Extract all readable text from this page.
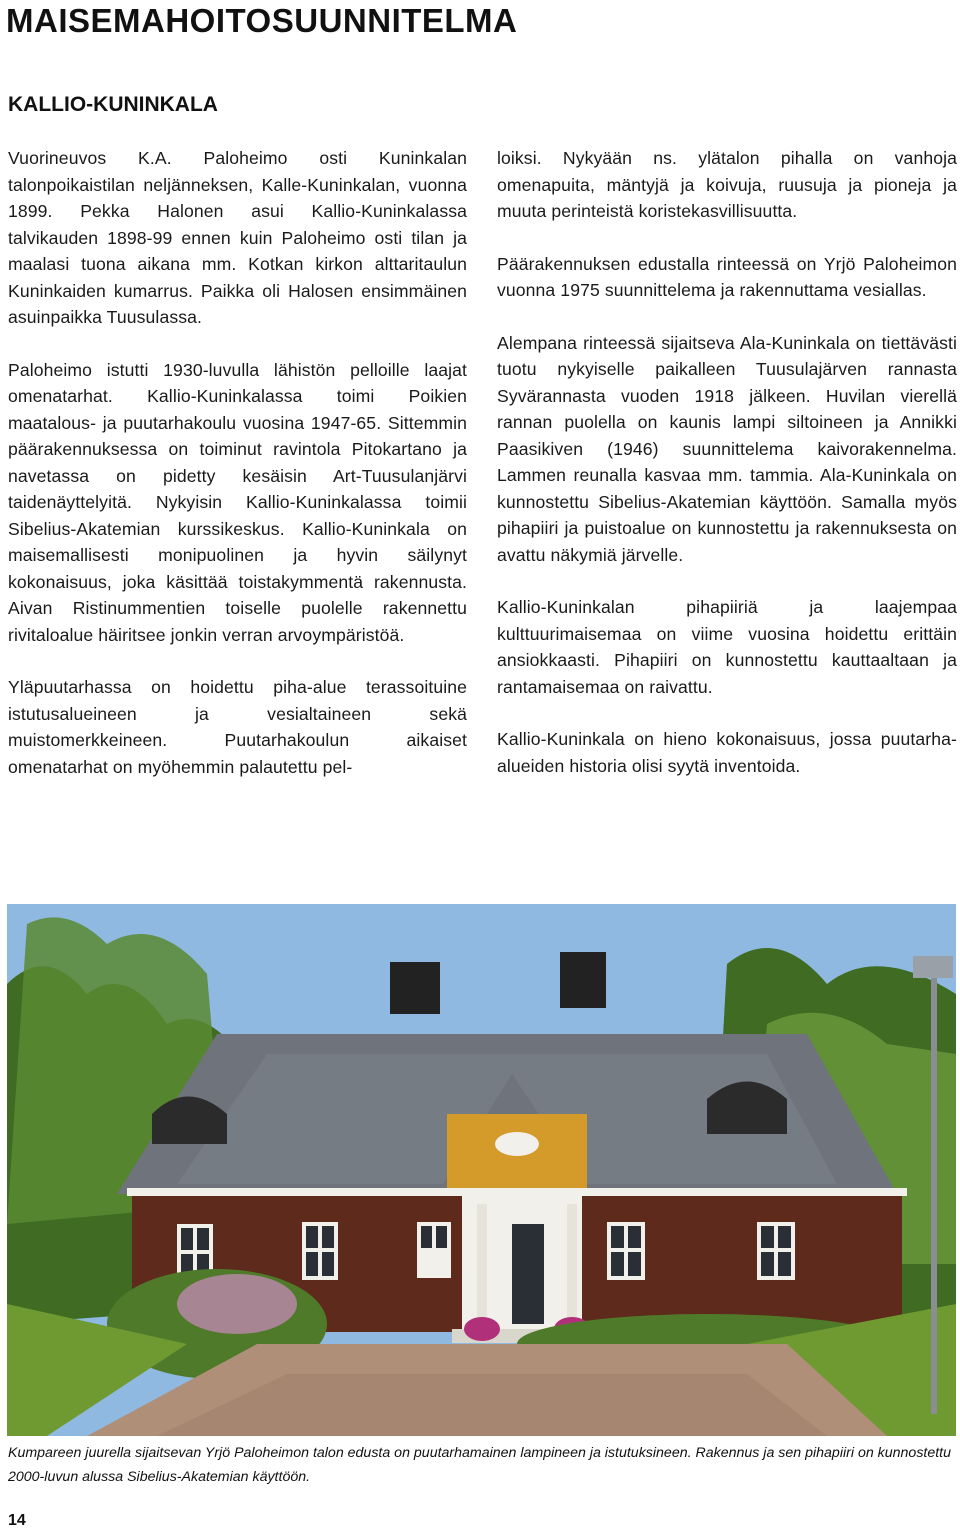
MAISEMAHOITOSUUNNITELMA
KALLIO-KUNINKALA

Vuorineuvos K.A. Paloheimo osti Kuninkalan talonpoikaistilan neljänneksen, Kalle-Kuninkalan, vuonna 1899. Pekka Halonen asui Kallio-Kuninkalassa talvikauden 1898-99 ennen kuin Paloheimo osti tilan ja maalasi tuona aikana mm. Kotkan kirkon alttaritaulun Kuninkaiden kumarrus. Paikka oli Halosen ensimmäinen asuinpaikka Tuusulassa.

Paloheimo istutti 1930-luvulla lähistön pelloille laajat omenatarhat. Kallio-Kuninkalassa toimi Poikien maatalous- ja puutarhakoulu vuosina 1947-65. Sittemmin päärakennuksessa on toiminut ravintola Pitokartano ja navetassa on pidetty kesäisin Art-Tuusulanjärvi taidenäyttelyitä. Nykyisin Kallio-Kuninkalassa toimii Sibelius-Akatemian kurssikeskus. Kallio-Kuninkala on maisemallisesti monipuolinen ja hyvin säilynyt kokonaisuus, joka käsittää toistakymmentä rakennusta. Aivan Ristinummentien toiselle puolelle rakennettu rivitaloalue häiritsee jonkin verran arvoympäristöä.

Yläpuutarhassa on hoidettu piha-alue terassoituine istutusalueineen ja vesialtaineen sekä muistomerkkeineen. Puutarhakoulun aikaiset omenatarhat on myöhemmin palautettu pel-

loiksi. Nykyään ns. ylätalon pihalla on vanhoja omenapuita, mäntyjä ja koivuja, ruusuja ja pioneja ja muuta perinteistä koristekasvillisuutta.

Päärakennuksen edustalla rinteessä on Yrjö Paloheimon vuonna 1975 suunnittelema ja rakennuttama vesiallas.

Alempana rinteessä sijaitseva Ala-Kuninkala on tiettävästi tuotu nykyiselle paikalleen Tuusulajärven rannasta Syvärannasta vuoden 1918 jälkeen. Huvilan vierellä rannan puolella on kaunis lampi siltoineen ja Annikki Paasikiven (1946) suunnittelema kaivorakennelma. Lammen reunalla kasvaa mm. tammia. Ala-Kuninkala on kunnostettu Sibelius-Akatemian käyttöön. Samalla myös pihapiiri ja puistoalue on kunnostettu ja rakennuksesta on avattu näkymiä järvelle.

Kallio-Kuninkalan pihapiiriä ja laajempaa kulttuurimaisemaa on viime vuosina hoidettu erittäin ansiokkaasti. Pihapiiri on kunnostettu kauttaaltaan ja rantamaisemaa on raivattu.

Kallio-Kuninkala on hieno kokonaisuus, jossa puutarha-alueiden historia olisi syytä inventoida.

Kumpareen juurella sijaitsevan Yrjö Paloheimon talon edusta on puutarhamainen lampineen ja istutuksineen. Rakennus ja sen pihapiiri on kunnostettu 2000-luvun alussa Sibelius-Akatemian käyttöön.

14
